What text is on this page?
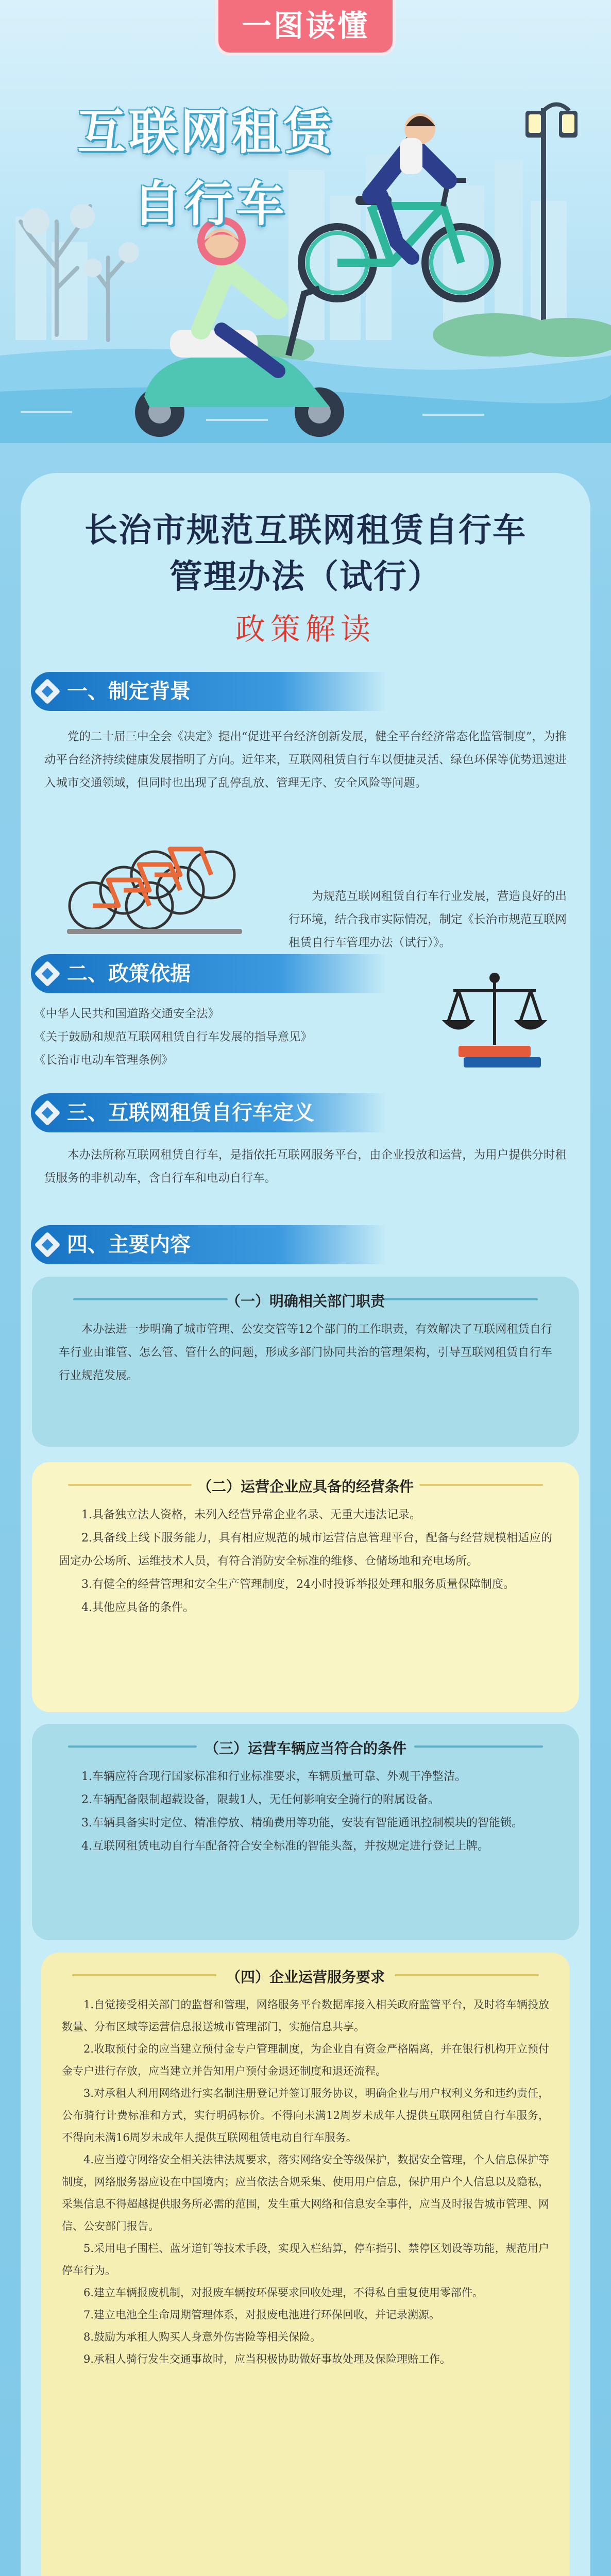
一图读懂
互联网租赁
自行车
长治市规范互联网租赁自行车
管理办法（试行）
政策解读
一、制定背景

党的二十届三中全会《决定》提出“促进平台经济创新发展，健全平台经济常态化监管制度”，为推动平台经济持续健康发展指明了方向。近年来，互联网租赁自行车以便捷灵活、绿色环保等优势迅速进入城市交通领域，但同时也出现了乱停乱放、管理无序、安全风险等问题。

为规范互联网租赁自行车行业发展，营造良好的出行环境，结合我市实际情况，制定《长治市规范互联网租赁自行车管理办法（试行）》。

二、政策依据
《中华人民共和国道路交通安全法》
《关于鼓励和规范互联网租赁自行车发展的指导意见》
《长治市电动车管理条例》
三、互联网租赁自行车定义

本办法所称互联网租赁自行车，是指依托互联网服务平台，由企业投放和运营，为用户提供分时租赁服务的非机动车，含自行车和电动自行车。

四、主要内容
（一）明确相关部门职责

本办法进一步明确了城市管理、公安交管等12个部门的工作职责，有效解决了互联网租赁自行车行业由谁管、怎么管、管什么的问题，形成多部门协同共治的管理架构，引导互联网租赁自行车行业规范发展。

（二）运营企业应具备的经营条件

1.具备独立法人资格，未列入经营异常企业名录、无重大违法记录。

2.具备线上线下服务能力，具有相应规范的城市运营信息管理平台，配备与经营规模相适应的固定办公场所、运维技术人员，有符合消防安全标准的维修、仓储场地和充电场所。

3.有健全的经营管理和安全生产管理制度，24小时投诉举报处理和服务质量保障制度。

4.其他应具备的条件。

（三）运营车辆应当符合的条件

1.车辆应符合现行国家标准和行业标准要求，车辆质量可靠、外观干净整洁。

2.车辆配备限制超载设备，限载1人，无任何影响安全骑行的附属设备。

3.车辆具备实时定位、精准停放、精确费用等功能，安装有智能通讯控制模块的智能锁。

4.互联网租赁电动自行车配备符合安全标准的智能头盔，并按规定进行登记上牌。

（四）企业运营服务要求

1.自觉接受相关部门的监督和管理，网络服务平台数据库接入相关政府监管平台，及时将车辆投放数量、分布区域等运营信息报送城市管理部门，实施信息共享。

2.收取预付金的应当建立预付金专户管理制度，为企业自有资金严格隔离，并在银行机构开立预付金专户进行存放，应当建立并告知用户预付金退还制度和退还流程。

3.对承租人利用网络进行实名制注册登记并签订服务协议，明确企业与用户权利义务和违约责任，公布骑行计费标准和方式，实行明码标价。不得向未满12周岁未成年人提供互联网租赁自行车服务，不得向未满16周岁未成年人提供互联网租赁电动自行车服务。

4.应当遵守网络安全相关法律法规要求，落实网络安全等级保护，数据安全管理，个人信息保护等制度，网络服务器应设在中国境内；应当依法合规采集、使用用户信息，保护用户个人信息以及隐私，采集信息不得超越提供服务所必需的范围，发生重大网络和信息安全事件，应当及时报告城市管理、网信、公安部门报告。

5.采用电子围栏、蓝牙道钉等技术手段，实现入栏结算，停车指引、禁停区划设等功能，规范用户停车行为。

6.建立车辆报废机制，对报废车辆按环保要求回收处理，不得私自重复使用零部件。

7.建立电池全生命周期管理体系，对报废电池进行环保回收，并记录溯源。

8.鼓励为承租人购买人身意外伤害险等相关保险。

9.承租人骑行发生交通事故时，应当积极协助做好事故处理及保险理赔工作。
